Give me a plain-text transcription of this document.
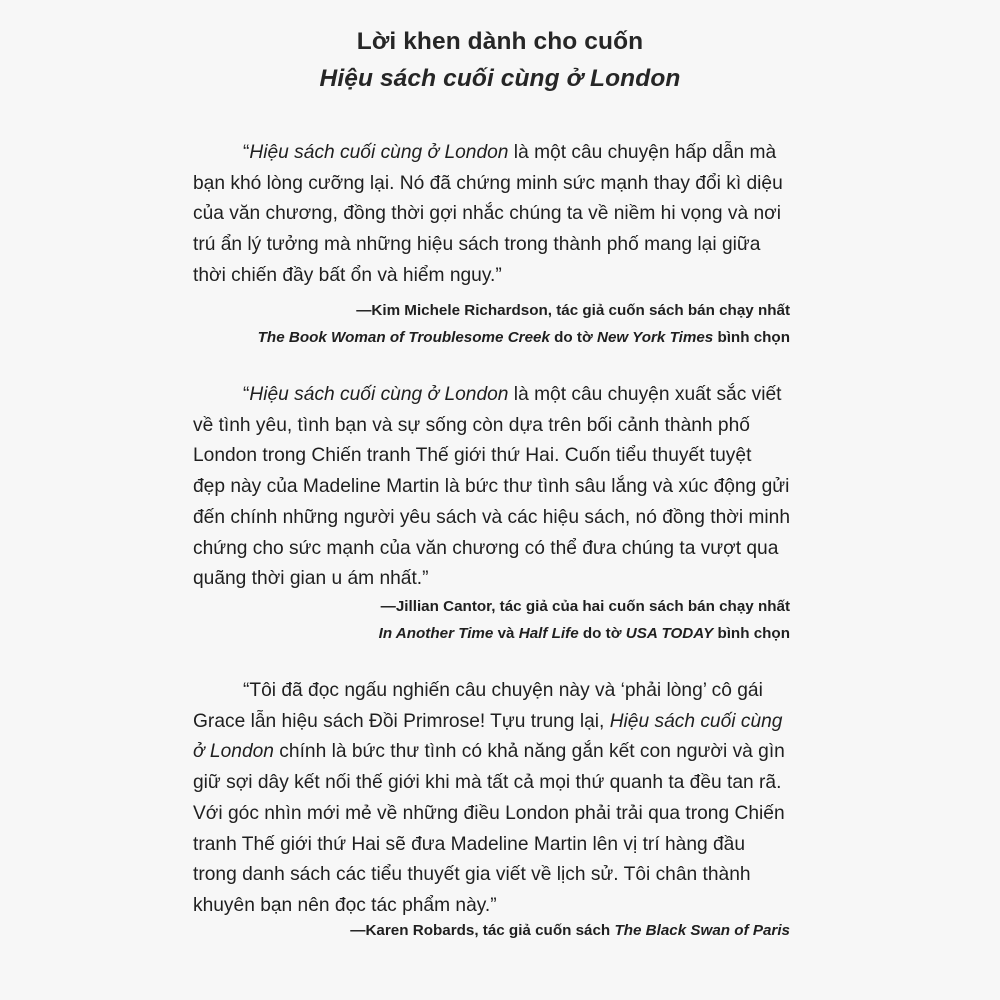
Lời khen dành cho cuốn
Hiệu sách cuối cùng ở London
“Hiệu sách cuối cùng ở London là một câu chuyện hấp dẫn mà
bạn khó lòng cưỡng lại. Nó đã chứng minh sức mạnh thay đổi kì diệu
của văn chương, đồng thời gợi nhắc chúng ta về niềm hi vọng và nơi
trú ẩn lý tưởng mà những hiệu sách trong thành phố mang lại giữa
thời chiến đầy bất ổn và hiểm nguy.”
—Kim Michele Richardson, tác giả cuốn sách bán chạy nhất
The Book Woman of Troublesome Creek do tờ New York Times bình chọn
“Hiệu sách cuối cùng ở London là một câu chuyện xuất sắc viết
về tình yêu, tình bạn và sự sống còn dựa trên bối cảnh thành phố
London trong Chiến tranh Thế giới thứ Hai. Cuốn tiểu thuyết tuyệt
đẹp này của Madeline Martin là bức thư tình sâu lắng và xúc động gửi
đến chính những người yêu sách và các hiệu sách, nó đồng thời minh
chứng cho sức mạnh của văn chương có thể đưa chúng ta vượt qua
quãng thời gian u ám nhất.”
—Jillian Cantor, tác giả của hai cuốn sách bán chạy nhất
In Another Time và Half Life do tờ USA TODAY bình chọn
“Tôi đã đọc ngấu nghiến câu chuyện này và ‘phải lòng’ cô gái
Grace lẫn hiệu sách Đồi Primrose! Tựu trung lại, Hiệu sách cuối cùng
ở London chính là bức thư tình có khả năng gắn kết con người và gìn
giữ sợi dây kết nối thế giới khi mà tất cả mọi thứ quanh ta đều tan rã.
Với góc nhìn mới mẻ về những điều London phải trải qua trong Chiến
tranh Thế giới thứ Hai sẽ đưa Madeline Martin lên vị trí hàng đầu
trong danh sách các tiểu thuyết gia viết về lịch sử. Tôi chân thành
khuyên bạn nên đọc tác phẩm này.”
—Karen Robards, tác giả cuốn sách The Black Swan of Paris
